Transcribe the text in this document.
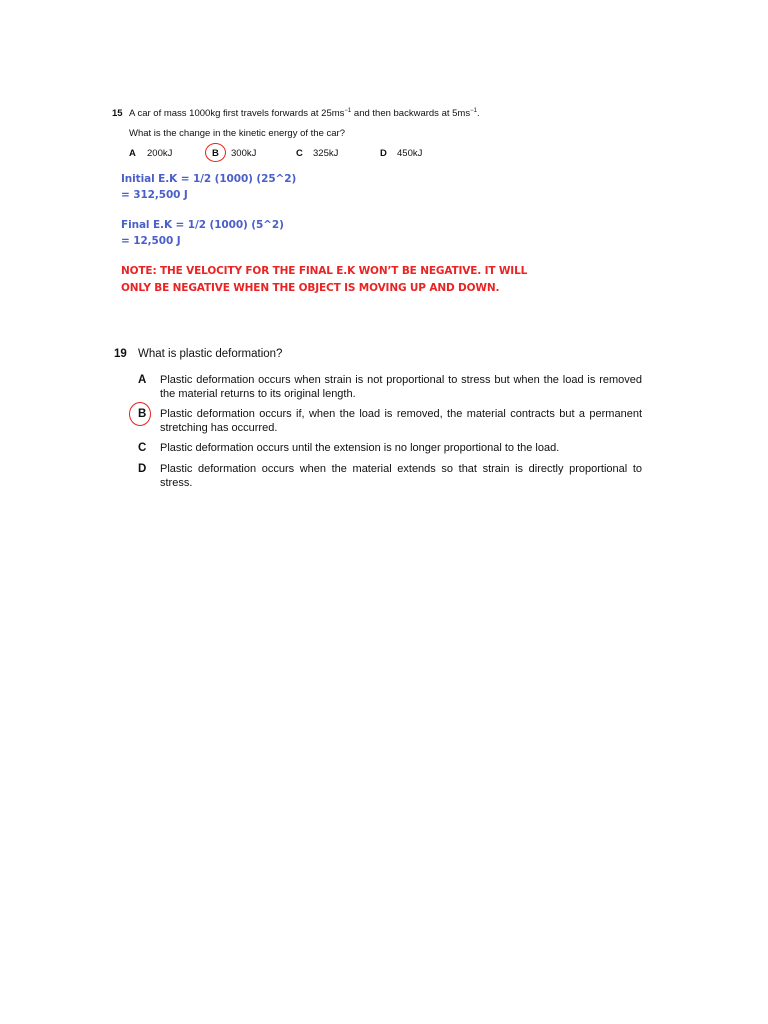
15 A car of mass 1000kg first travels forwards at $25ms^{-1}$ and then backwards at $5ms^{-1}$.
What is the change in the kinetic energy of the car?
A 200kJ	B 300kJ	C 325kJ	D 450kJ
Initial E.K = 1/2 (1000) (25^2)
= 312,500 J
Final E.K = 1/2 (1000) (5^2)
= 12,500 J
NOTE: THE VELOCITY FOR THE FINAL E.K WON’T BE NEGATIVE. IT WILL
ONLY BE NEGATIVE WHEN THE OBJECT IS MOVING UP AND DOWN.
19 What is plastic deformation?
A Plastic deformation occurs when strain is not proportional to stress but when the load is removed the material returns to its original length.
B Plastic deformation occurs if, when the load is removed, the material contracts but a permanent stretching has occurred.
C Plastic deformation occurs until the extension is no longer proportional to the load.
D Plastic deformation occurs when the material extends so that strain is directly proportional to stress.
